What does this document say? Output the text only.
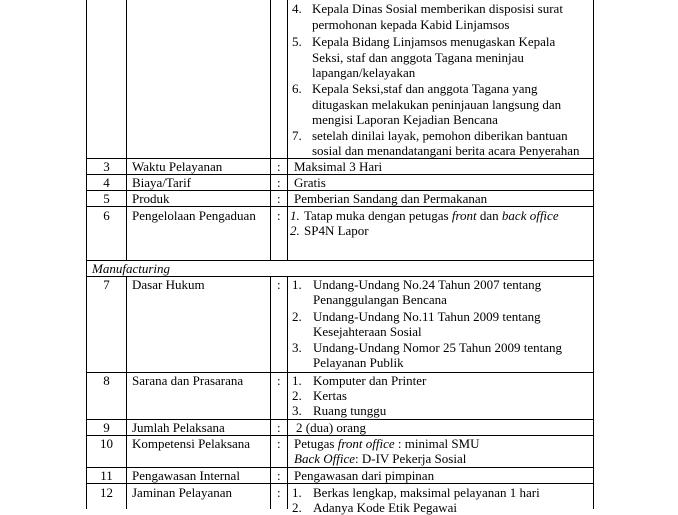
4. Kepala Dinas Sosial memberikan disposisi surat
permohonan kepada Kabid Linjamsos
5. Kepala Bidang Linjamsos menugaskan Kepala
Seksi, staf dan anggota Tagana meninjau
lapangan/kelayakan
6. Kepala Seksi,staf dan anggota Tagana yang
ditugaskan melakukan peninjauan langsung dan
mengisi Laporan Kejadian Bencana
7. setelah dinilai layak, pemohon diberikan bantuan
sosial dan menandatangani berita acara Penyerahan
3	Waktu Pelayanan	: Maksimal 3 Hari
4	Biaya/Tarif	: Gratis
5	Produk	: Pemberian Sandang dan Permakanan
6	Pengelolaan Pengaduan : 1. Tatap muka dengan petugas front dan back office
2. SP4N Lapor
Manufacturing
7	Dasar Hukum	: 1. Undang-Undang No.24 Tahun 2007 tentang
Penanggulangan Bencana
2. Undang-Undang No.11 Tahun 2009 tentang
Kesejahteraan Sosial
3. Undang-Undang Nomor 25 Tahun 2009 tentang
Pelayanan Publik
8	Sarana dan Prasarana	: 1. Komputer dan Printer
2. Kertas
3. Ruang tunggu
9	Jumlah Pelaksana	: 2 (dua) orang
10	Kompetensi Pelaksana : Petugas front office : minimal SMU
Back Office: D-IV Pekerja Sosial
11	Pengawasan Internal	: Pengawasan dari pimpinan
12	Jaminan Pelayanan	: 1. Berkas lengkap, maksimal pelayanan 1 hari
2. Adanya Kode Etik Pegawai
